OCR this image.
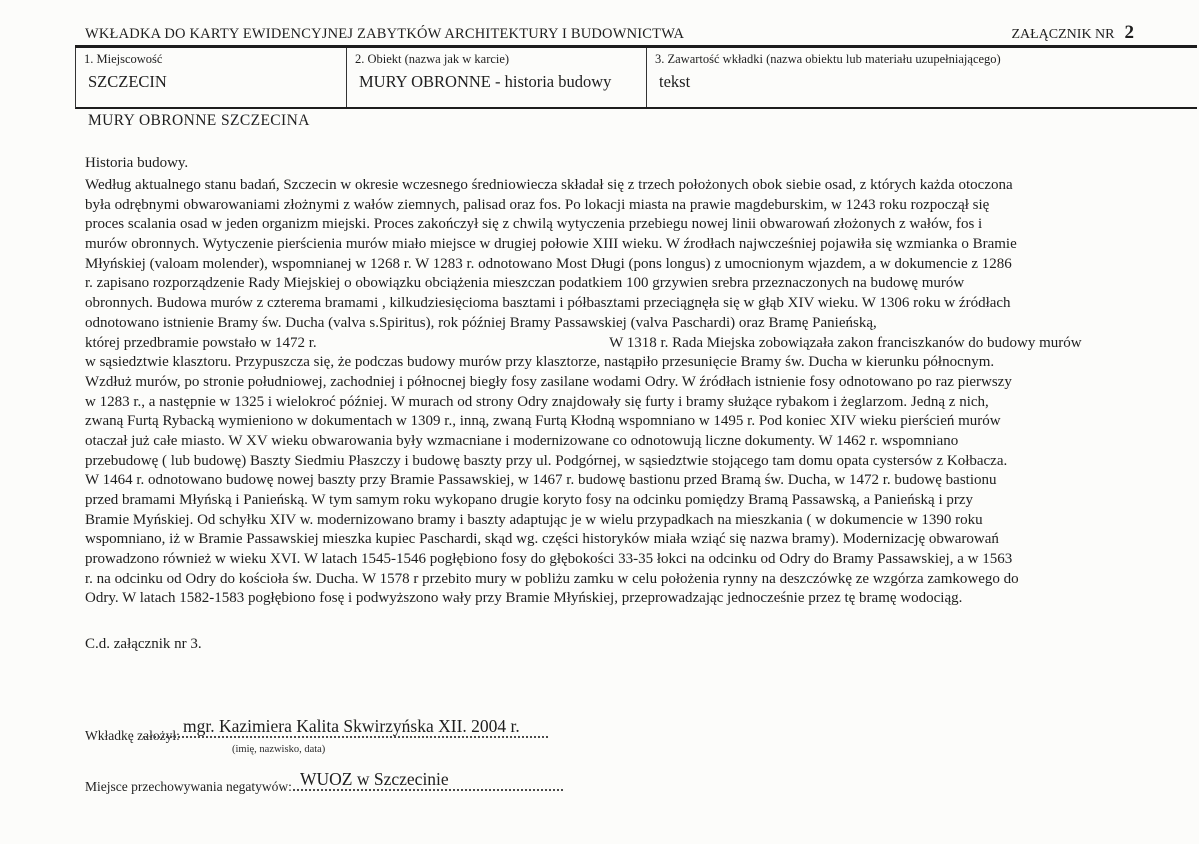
WKŁADKA DO KARTY EWIDENCYJNEJ ZABYTKÓW ARCHITEKTURY I BUDOWNICTWA	ZAŁĄCZNIK NR 2
1. Miejscowość
SZCZECIN
2. Obiekt (nazwa jak w karcie)
MURY OBRONNE - historia budowy
3. Zawartość wkładki (nazwa obiektu lub materiału uzupełniającego)
tekst
MURY OBRONNE SZCZECINA
Historia budowy.
Według aktualnego stanu badań, Szczecin w okresie wczesnego średniowiecza składał się z trzech położonych obok siebie osad, z których każda otoczona
była odrębnymi obwarowaniami złożnymi z wałów ziemnych, palisad oraz fos. Po lokacji miasta na prawie magdeburskim, w 1243 roku rozpoczął się
proces scalania osad w jeden organizm miejski. Proces zakończył się z chwilą wytyczenia przebiegu nowej linii obwarowań złożonych z wałów, fos i
murów obronnych. Wytyczenie pierścienia murów miało miejsce w drugiej połowie XIII wieku. W źrodłach najwcześniej pojawiła się wzmianka o Bramie
Młyńskiej (valoam molender), wspomnianej w 1268 r. W 1283 r. odnotowano Most Długi (pons longus) z umocnionym wjazdem, a w dokumencie z 1286
r. zapisano rozporządzenie Rady Miejskiej o obowiązku obciążenia mieszczan podatkiem 100 grzywien srebra przeznaczonych na budowę murów
obronnych. Budowa murów z czterema bramami , kilkudziesięcioma basztami i półbasztami przeciągnęła się w głąb XIV wieku. W 1306 roku w źródłach
odnotowano istnienie Bramy św. Ducha (valva s.Spiritus), rok później Bramy Passawskiej (valva Paschardi) oraz Bramę Panieńską,
której przedbramie powstało w 1472 r.	W 1318 r. Rada Miejska zobowiązała zakon franciszkanów do budowy murów
w sąsiedztwie klasztoru. Przypuszcza się, że podczas budowy murów przy klasztorze, nastąpiło przesunięcie Bramy św. Ducha w kierunku północnym.
Wzdłuż murów, po stronie południowej, zachodniej i północnej biegły fosy zasilane wodami Odry. W źródłach istnienie fosy odnotowano po raz pierwszy
w 1283 r., a następnie w 1325 i wielokroć później. W murach od strony Odry znajdowały się furty i bramy służące rybakom i żeglarzom. Jedną z nich,
zwaną Furtą Rybacką wymieniono w dokumentach w 1309 r., inną, zwaną Furtą Kłodną wspomniano w 1495 r. Pod koniec XIV wieku pierścień murów
otaczał już całe miasto. W XV wieku obwarowania były wzmacniane i modernizowane co odnotowują liczne dokumenty. W 1462 r. wspomniano
przebudowę ( lub budowę) Baszty Siedmiu Płaszczy i budowę baszty przy ul. Podgórnej, w sąsiedztwie stojącego tam domu opata cystersów z Kołbacza.
W 1464 r. odnotowano budowę nowej baszty przy Bramie Passawskiej, w 1467 r. budowę bastionu przed Bramą św. Ducha, w 1472 r. budowę bastionu
przed bramami Młyńską i Panieńską. W tym samym roku wykopano drugie koryto fosy na odcinku pomiędzy Bramą Passawską, a Panieńską i przy
Bramie Myńskiej. Od schyłku XIV w. modernizowano bramy i baszty adaptując je w wielu przypadkach na mieszkania ( w dokumencie w 1390 roku
wspomniano, iż w Bramie Passawskiej mieszka kupiec Paschardi, skąd wg. części historyków miała wziąć się nazwa bramy). Modernizację obwarowań
prowadzono również w wieku XVI. W latach 1545-1546 pogłębiono fosy do głębokości 33-35 łokci na odcinku od Odry do Bramy Passawskiej, a w 1563
r. na odcinku od Odry do kościoła św. Ducha. W 1578 r przebito mury w pobliżu zamku w celu położenia rynny na deszczówkę ze wzgórza zamkowego do
Odry. W latach 1582-1583 pogłębiono fosę i podwyższono wały przy Bramie Młyńskiej, przeprowadzając jednocześnie przez tę bramę wodociąg.
C.d. załącznik nr 3.
Wkładkę założył: mgr. Kazimiera Kalita Skwirzyńska XII. 2004 r.
(imię, nazwisko, data)
Miejsce przechowywania negatywów: WUOZ w Szczecinie
